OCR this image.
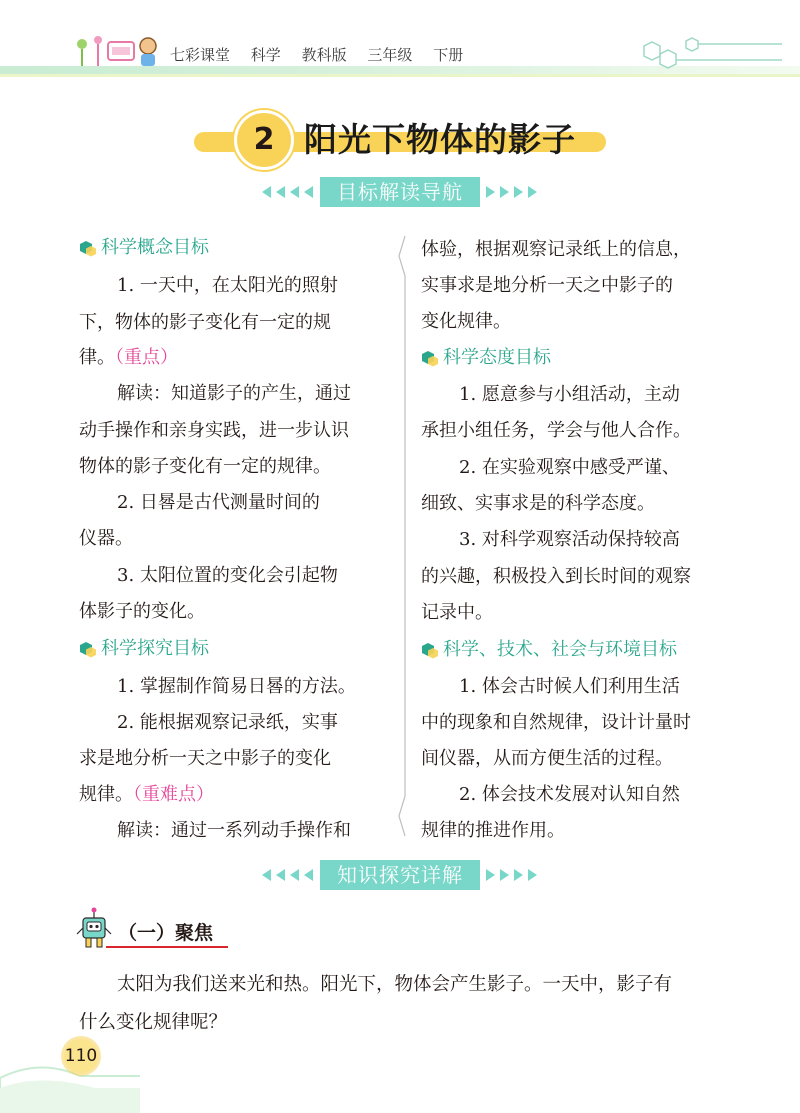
七彩课堂 科学 教科版 三年级 下册
2 阳光下物体的影子
目标解读导航
科学概念目标
1. 一天中，在太阳光的照射
下，物体的影子变化有一定的规
律。（重点）
解读：知道影子的产生，通过
动手操作和亲身实践，进一步认识
物体的影子变化有一定的规律。
2. 日晷是古代测量时间的
仪器。
3. 太阳位置的变化会引起物
体影子的变化。
科学探究目标
1. 掌握制作简易日晷的方法。
2. 能根据观察记录纸，实事
求是地分析一天之中影子的变化
规律。（重难点）
解读：通过一系列动手操作和
体验，根据观察记录纸上的信息，
实事求是地分析一天之中影子的
变化规律。
科学态度目标
1. 愿意参与小组活动，主动
承担小组任务，学会与他人合作。
2. 在实验观察中感受严谨、
细致、实事求是的科学态度。
3. 对科学观察活动保持较高
的兴趣，积极投入到长时间的观察
记录中。
科学、技术、社会与环境目标
1. 体会古时候人们利用生活
中的现象和自然规律，设计计量时
间仪器，从而方便生活的过程。
2. 体会技术发展对认知自然
规律的推进作用。
知识探究详解
（一）聚焦
太阳为我们送来光和热。阳光下，物体会产生影子。一天中，影子有
什么变化规律呢？
110
